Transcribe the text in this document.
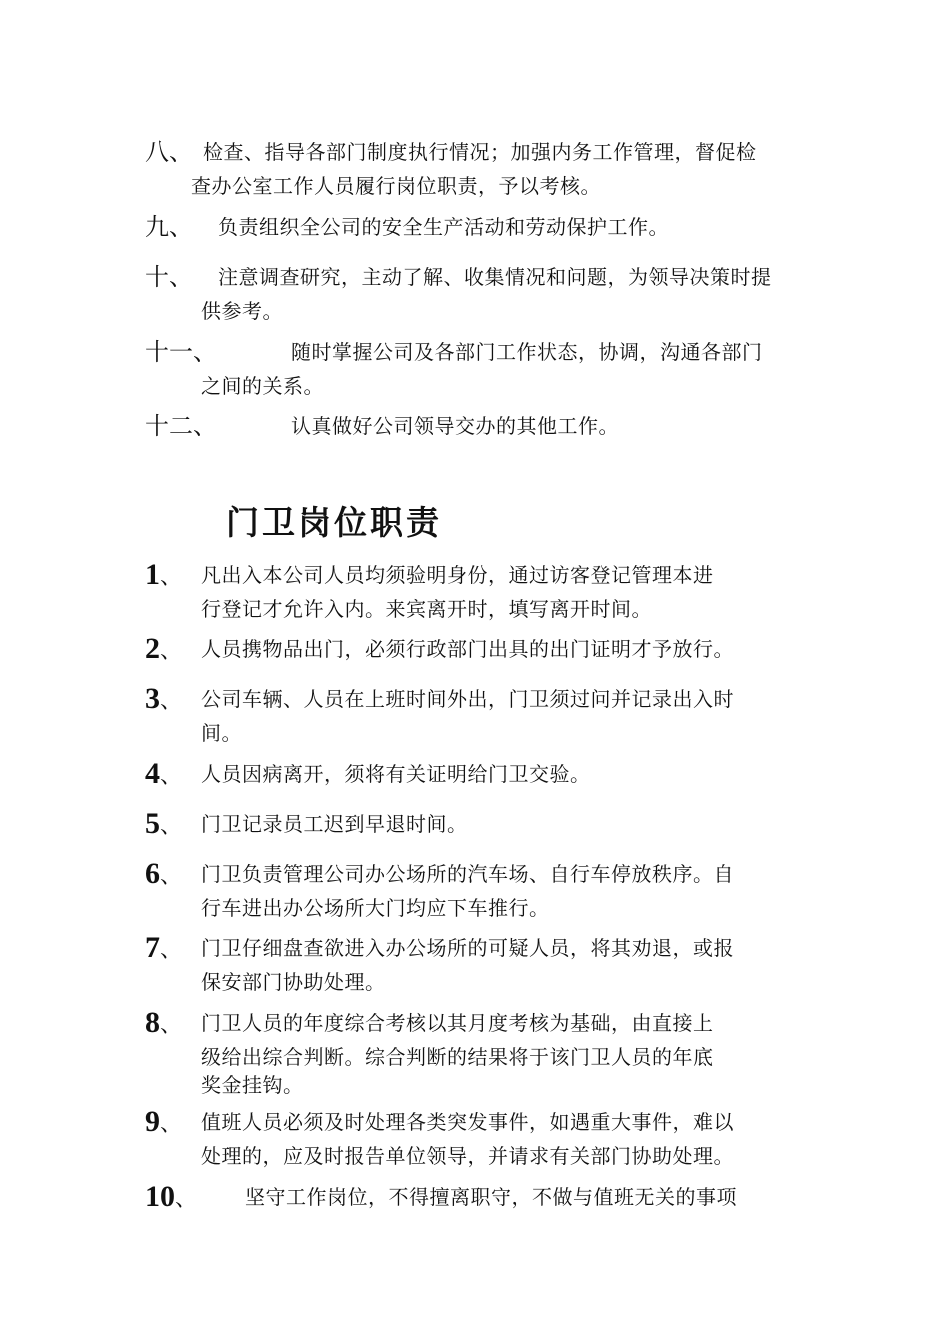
八、 检查、指导各部门制度执行情况；加强内务工作管理，督促检
查办公室工作人员履行岗位职责，予以考核。
九、 负责组织全公司的安全生产活动和劳动保护工作。
十、 注意调查研究，主动了解、收集情况和问题，为领导决策时提
供参考。
十一、	随时掌握公司及各部门工作状态，协调，沟通各部门
之间的关系。
十二、	认真做好公司领导交办的其他工作。
门卫岗位职责
1、 凡出入本公司人员均须验明身份，通过访客登记管理本进
行登记才允许入内。来宾离开时，填写离开时间。
2、 人员携物品出门，必须行政部门出具的出门证明才予放行。
3、 公司车辆、人员在上班时间外出，门卫须过问并记录出入时
间。
4、 人员因病离开，须将有关证明给门卫交验。
5、 门卫记录员工迟到早退时间。
6、 门卫负责管理公司办公场所的汽车场、自行车停放秩序。自
行车进出办公场所大门均应下车推行。
7、 门卫仔细盘查欲进入办公场所的可疑人员，将其劝退，或报
保安部门协助处理。
8、 门卫人员的年度综合考核以其月度考核为基础，由直接上
级给出综合判断。综合判断的结果将于该门卫人员的年底
奖金挂钩。
9、 值班人员必须及时处理各类突发事件，如遇重大事件，难以
处理的，应及时报告单位领导，并请求有关部门协助处理。
10、 坚守工作岗位，不得擅离职守，不做与值班无关的事项
